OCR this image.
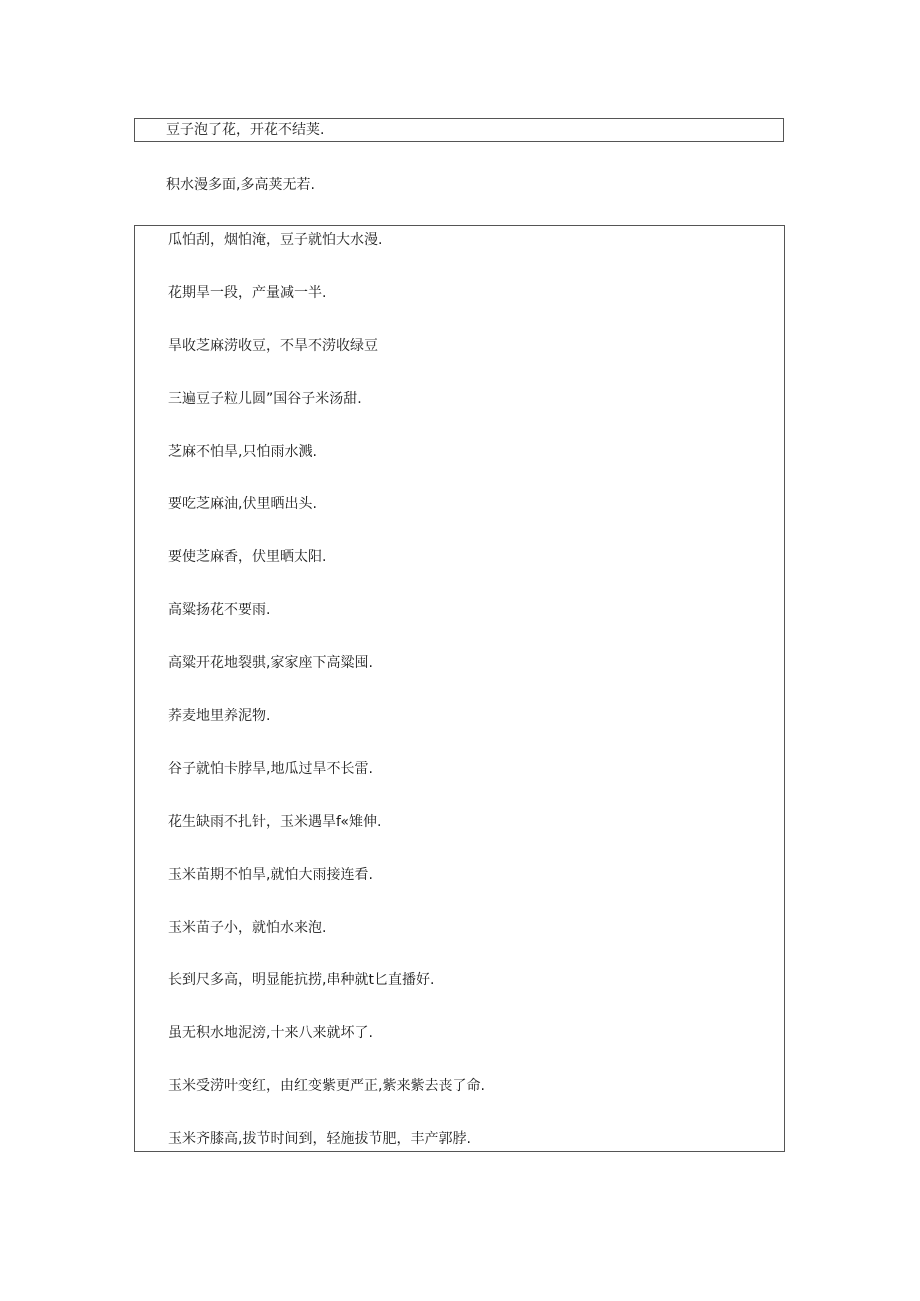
豆子泡了花，开花不结荚.
积水漫多面,多高荚无若.
瓜怕刮，烟怕淹，豆子就怕大水漫.
花期旱一段，产量减一半.
旱收芝麻涝收豆，不旱不涝收绿豆
三遍豆子粒儿圆”国谷子米汤甜.
芝麻不怕旱,只怕雨水溅.
要吃芝麻油,伏里晒出头.
要使芝麻香，伏里晒太阳.
高粱扬花不要雨.
高粱开花地裂骐,家家座下高粱囤.
荞麦地里养泥物.
谷子就怕卡脖旱,地瓜过旱不长雷.
花生缺雨不扎针，玉米遇旱f«雉伸.
玉米苗期不怕旱,就怕大雨接连看.
玉米苗子小，就怕水来泡.
长到尺多高，明显能抗捞,串种就t匕直播好.
虽无积水地泥滂,十来八来就坏了.
玉米受涝叶变红，由红变紫更严正,紫来紫去丧了命.
玉米齐膝高,拔节时间到，轻施拔节肥，丰产郭脖.
